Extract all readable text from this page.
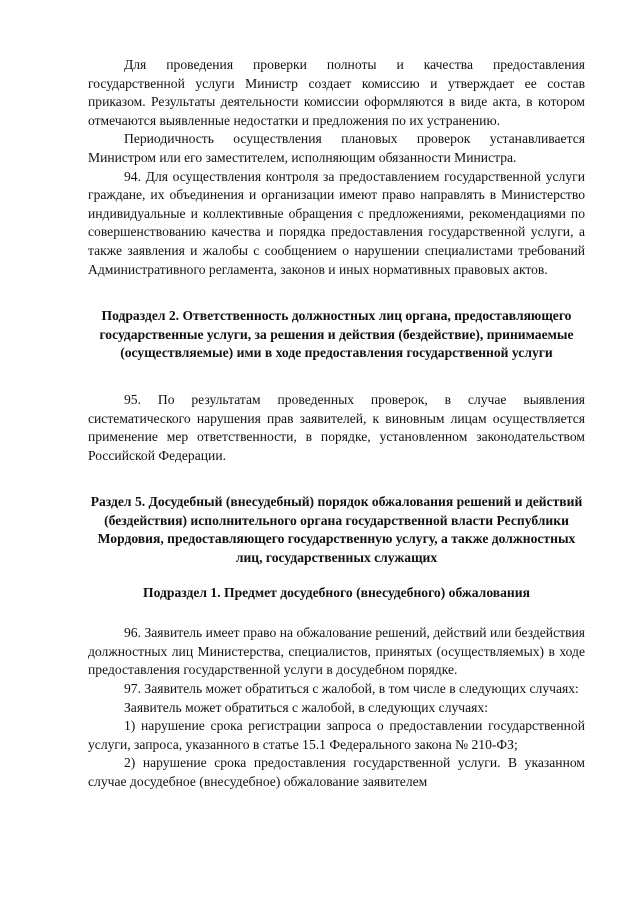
Для проведения проверки полноты и качества предоставления государственной услуги Министр создает комиссию и утверждает ее состав приказом. Результаты деятельности комиссии оформляются в виде акта, в котором отмечаются выявленные недостатки и предложения по их устранению.

Периодичность осуществления плановых проверок устанавливается Министром или его заместителем, исполняющим обязанности Министра.

94. Для осуществления контроля за предоставлением государственной услуги граждане, их объединения и организации имеют право направлять в Министерство индивидуальные и коллективные обращения с предложениями, рекомендациями по совершенствованию качества и порядка предоставления государственной услуги, а также заявления и жалобы с сообщением о нарушении специалистами требований Административного регламента, законов и иных нормативных правовых актов.

Подраздел 2. Ответственность должностных лиц органа, предоставляющего государственные услуги, за решения и действия (бездействие), принимаемые (осуществляемые) ими в ходе предоставления государственной услуги

95. По результатам проведенных проверок, в случае выявления систематического нарушения прав заявителей, к виновным лицам осуществляется применение мер ответственности, в порядке, установленном законодательством Российской Федерации.

Раздел 5. Досудебный (внесудебный) порядок обжалования решений и действий (бездействия) исполнительного органа государственной власти Республики Мордовия, предоставляющего государственную услугу, а также должностных лиц, государственных служащих

Подраздел 1. Предмет досудебного (внесудебного) обжалования

96. Заявитель имеет право на обжалование решений, действий или бездействия должностных лиц Министерства, специалистов, принятых (осуществляемых) в ходе предоставления государственной услуги в досудебном порядке.

97. Заявитель может обратиться с жалобой, в том числе в следующих случаях:

Заявитель может обратиться с жалобой, в следующих случаях:

1) нарушение срока регистрации запроса о предоставлении государственной услуги, запроса, указанного в статье 15.1 Федерального закона № 210-ФЗ;

2) нарушение срока предоставления государственной услуги. В указанном случае досудебное (внесудебное) обжалование заявителем
